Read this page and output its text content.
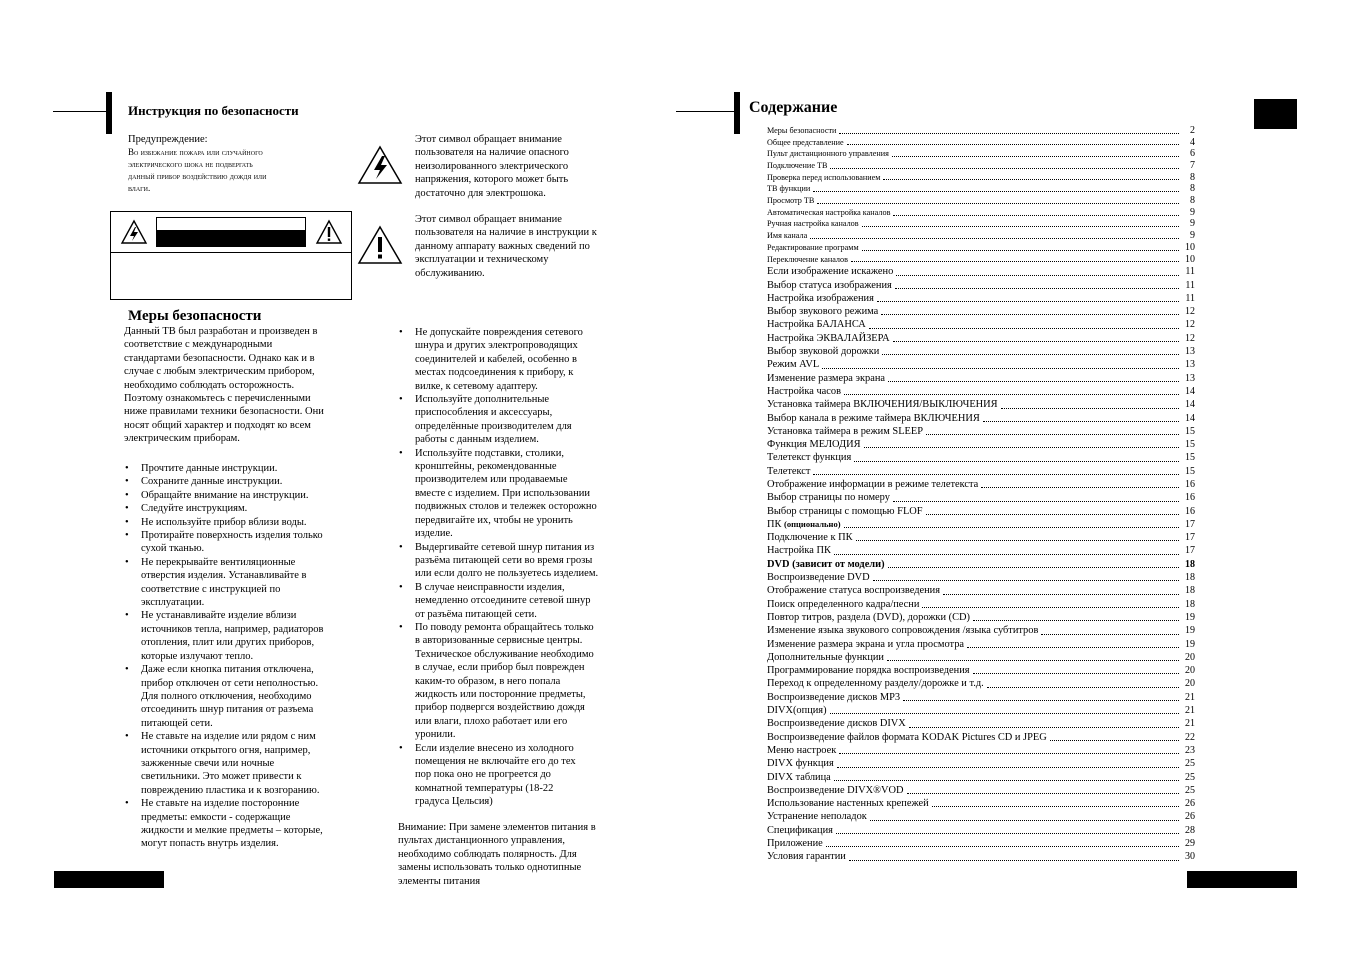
Инструкция по безопасности
Предупреждение:
Во избежание пожара или случайного
электрического шока не подвергать
данный прибор воздействию дождя или
влаги.
Этот символ обращает внимание
пользователя на наличие опасного
неизолированного электрического
напряжения, которого может быть
достаточно для электрошока.
Этот символ обращает внимание
пользователя на наличие в инструкции к
данному аппарату важных сведений по
эксплуатации и техническому
обслуживанию.
Меры безопасности
Данный ТВ был разработан и произведен в
соответствие с международными
стандартами безопасности. Однако как и в
случае с любым электрическим прибором,
необходимо соблюдать осторожность.
Поэтому ознакомьтесь с перечисленными
ниже правилами техники безопасности. Они
носят общий характер и подходят ко всем
электрическим приборам.
• Прочтите данные инструкции.
• Сохраните данные инструкции.
• Обращайте внимание на инструкции.
• Следуйте инструкциям.
• Не используйте прибор вблизи воды.
• Протирайте поверхность изделия только
сухой тканью.
• Не перекрывайте вентиляционные
отверстия изделия. Устанавливайте в
соответствие с инструкцией по
эксплуатации.
• Не устанавливайте изделие вблизи
источников тепла, например, радиаторов
отопления, плит или других приборов,
которые излучают тепло.
• Даже если кнопка питания отключена,
прибор отключен от сети неполностью.
Для полного отключения, необходимо
отсоединить шнур питания от разъема
питающей сети.
• Не ставьте на изделие или рядом с ним
источники открытого огня, например,
зажженные свечи или ночные
светильники. Это может привести к
повреждению пластика и к возгоранию.
• Не ставьте на изделие посторонние
предметы: емкости - содержащие
жидкости и мелкие предметы – которые,
могут попасть внутрь изделия.
• Не допускайте повреждения сетевого
шнура и других электропроводящих
соединителей и кабелей, особенно в
местах подсоединения к прибору, к
вилке, к сетевому адаптеру.
• Используйте дополнительные
приспособления и аксессуары,
определённые производителем для
работы с данным изделием.
• Используйте подставки, столики,
кронштейны, рекомендованные
производителем или продаваемые
вместе с изделием. При использовании
подвижных столов и тележек осторожно
передвигайте их, чтобы не уронить
изделие.
• Выдергивайте сетевой шнур питания из
разъёма питающей сети во время грозы
или если долго не пользуетесь изделием.
• В случае неисправности изделия,
немедленно отсоедините сетевой шнур
от разъёма питающей сети.
• По поводу ремонта обращайтесь только
в авторизованные сервисные центры.
Техническое обслуживание необходимо
в случае, если прибор был поврежден
каким-то образом, в него попала
жидкость или посторонние предметы,
прибор подвергся воздействию дождя
или влаги, плохо работает или его
уронили.
• Если изделие внесено из холодного
помещения не включайте его до тех
пор пока оно не прогреется до
комнатной температуры (18-22
градуса Цельсия)
Внимание: При замене элементов питания в
пультах дистанционного управления,
необходимо соблюдать полярность. Для
замены использовать только однотипные
элементы питания
Содержание
Меры безопасности	2
Общее представление	4
Пульт дистанционного управления	6
Подключение ТВ	7
Проверка перед использованием	8
ТВ функции	8
Просмотр ТВ	8
Автоматическая настройка каналов	9
Ручная настройка каналов	9
Имя канала	9
Редактирование программ	10
Переключение каналов	10
Если изображение искажено	11
Выбор статуса изображения	11
Настройка изображения	11
Выбор звукового режима	12
Настройка БАЛАНСА	12
Настройка ЭКВАЛАЙЗЕРА	12
Выбор звуковой дорожки	13
Режим AVL	13
Изменение размера экрана	13
Настройка часов	14
Установка таймера ВКЛЮЧЕНИЯ/ВЫКЛЮЧЕНИЯ	14
Выбор канала в режиме таймера ВКЛЮЧЕНИЯ	14
Установка таймера в режим SLEEP	15
Функция МЕЛОДИЯ	15
Телетекст функция	15
Телетекст	15
Отображение информации в режиме телетекста	16
Выбор страницы по номеру	16
Выбор страницы с помощью FLOF	16
ПК (опционально)	17
Подключение к ПК	17
Настройка ПК	17
DVD (зависит от модели)	18
Воспроизведение DVD	18
Отображение статуса воспроизведения	18
Поиск определенного кадра/песни	18
Повтор титров, раздела (DVD), дорожки (CD)	19
Изменение языка звукового сопровождения /языка субтитров	19
Изменение размера экрана и угла просмотра	19
Дополнительные функции	20
Программирование порядка воспроизведения	20
Переход к определенному разделу/дорожке и т.д.	20
Воспроизведение дисков MP3	21
DIVX(опция)	21
Воспроизведение дисков DIVX	21
Воспроизведение файлов формата KODAK Pictures CD и JPEG	22
Меню настроек	23
DIVX функция	25
DIVX таблица	25
Воспроизведение DIVX®VOD	25
Использование настенных крепежей	26
Устранение неполадок	26
Спецификация	28
Приложение	29
Условия гарантии	30
